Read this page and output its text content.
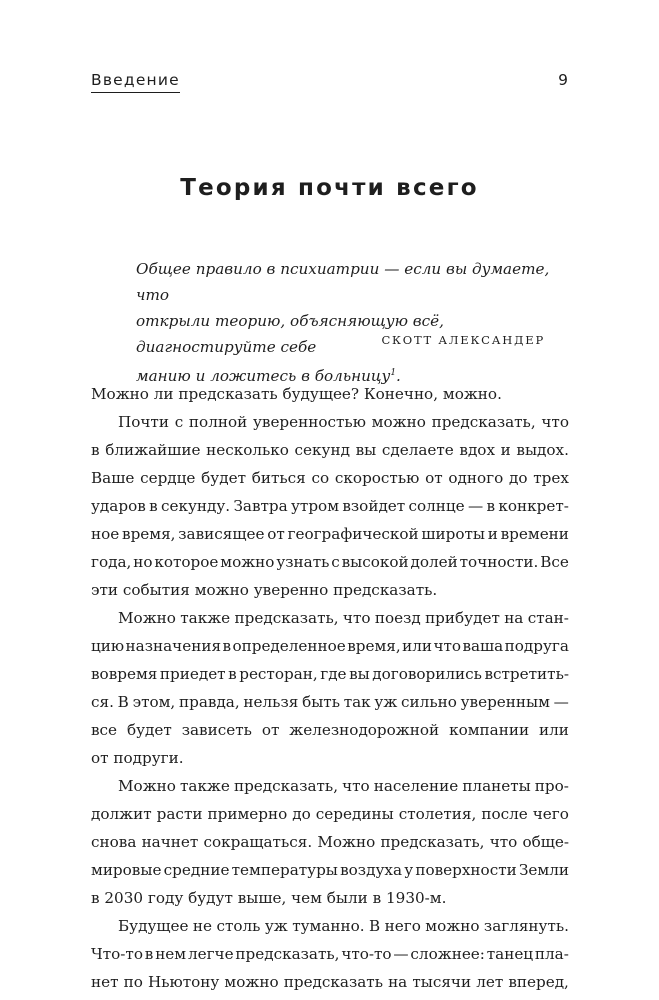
Введение	9
Теория почти всего
Общее правило в психиатрии — если вы думаете, что
открыли теорию, объясняющую всё, диагностируйте себе
манию и ложитесь в больницу$^1$.
СКОТТ АЛЕКСАНДЕР
Можно ли предсказать будущее? Конечно, можно.
Почти с полной уверенностью можно предсказать, что
в ближайшие несколько секунд вы сделаете вдох и выдох.
Ваше сердце будет биться со скоростью от одного до трех
ударов в секунду. Завтра утром взойдет солнце — в конкрет-
ное время, зависящее от географической широты и времени
года, но которое можно узнать с высокой долей точности. Все
эти события можно уверенно предсказать.
Можно также предсказать, что поезд прибудет на стан-
цию назначения в определенное время, или что ваша подруга
вовремя приедет в ресторан, где вы договорились встретить-
ся. В этом, правда, нельзя быть так уж сильно уверенным —
все будет зависеть от железнодорожной компании или
от подруги.
Можно также предсказать, что население планеты про-
должит расти примерно до середины столетия, после чего
снова начнет сокращаться. Можно предсказать, что обще-
мировые средние температуры воздуха у поверхности Земли
в 2030 году будут выше, чем были в 1930-м.
Будущее не столь уж туманно. В него можно заглянуть.
Что-то в нем легче предсказать, что-то — сложнее: танец пла-
нет по Ньютону можно предсказать на тысячи лет вперед,
